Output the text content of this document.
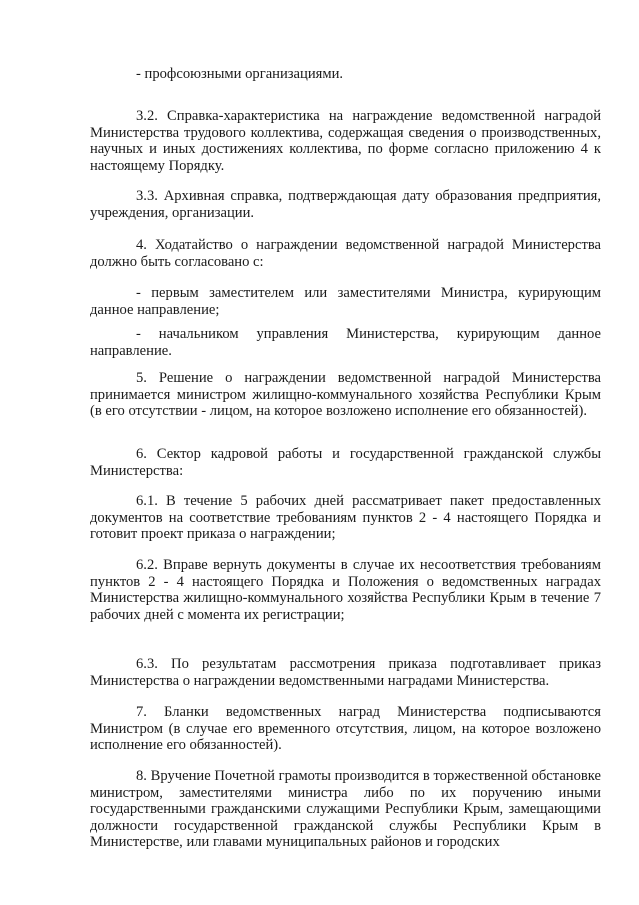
- профсоюзными организациями.

3.2. Справка-характеристика на награждение ведомственной наградой Министерства трудового коллектива, содержащая сведения о производственных, научных и иных достижениях коллектива, по форме согласно приложению 4 к настоящему Порядку.

3.3. Архивная справка, подтверждающая дату образования предприятия, учреждения, организации.

4. Ходатайство о награждении ведомственной наградой Министерства должно быть согласовано с:

- первым заместителем или заместителями Министра, курирующим данное направление;

- начальником управления Министерства, курирующим данное направление.

5. Решение о награждении ведомственной наградой Министерства принимается министром жилищно-коммунального хозяйства Республики Крым (в его отсутствии - лицом, на которое возложено исполнение его обязанностей).

6. Сектор кадровой работы и государственной гражданской службы Министерства:

6.1. В течение 5 рабочих дней рассматривает пакет предоставленных документов на соответствие требованиям пунктов 2 - 4 настоящего Порядка и готовит проект приказа о награждении;

6.2. Вправе вернуть документы в случае их несоответствия требованиям пунктов 2 - 4 настоящего Порядка и Положения о ведомственных наградах Министерства жилищно-коммунального хозяйства Республики Крым в течение 7 рабочих дней с момента их регистрации;

6.3. По результатам рассмотрения приказа подготавливает приказ Министерства о награждении ведомственными наградами Министерства.

7. Бланки ведомственных наград Министерства подписываются Министром (в случае его временного отсутствия, лицом, на которое возложено исполнение его обязанностей).

8. Вручение Почетной грамоты производится в торжественной обстановке министром, заместителями министра либо по их поручению иными государственными гражданскими служащими Республики Крым, замещающими должности государственной гражданской службы Республики Крым в Министерстве, или главами муниципальных районов и городских
